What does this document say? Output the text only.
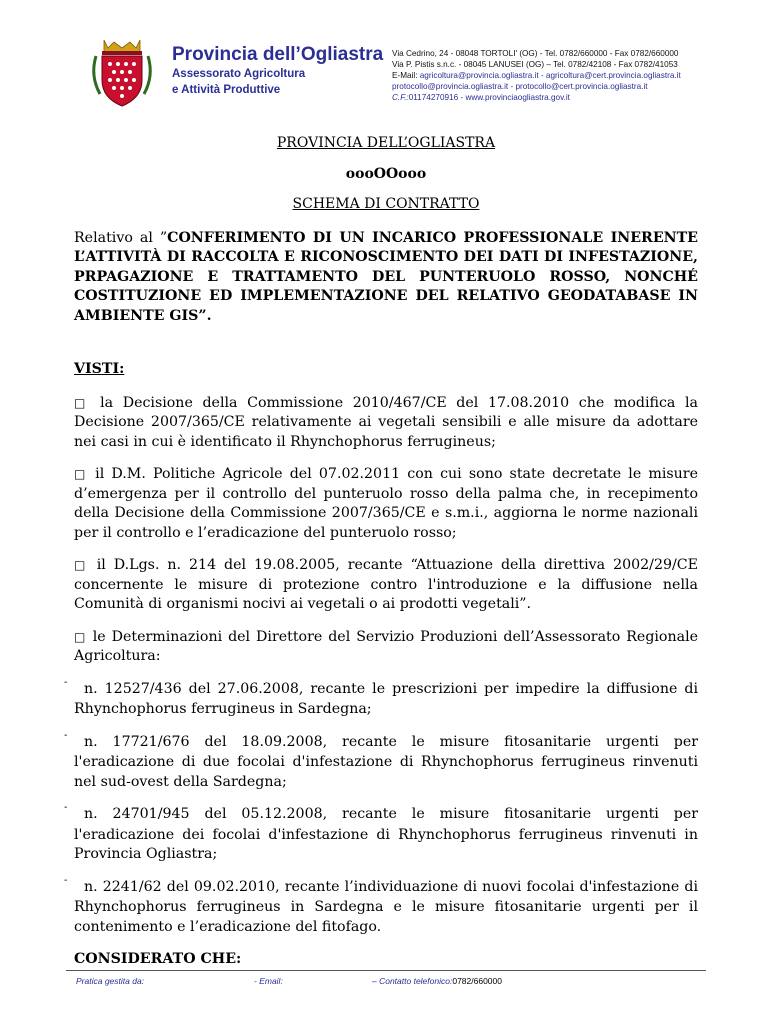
Provincia dell’Ogliastra
Assessorato Agricoltura
e Attività Produttive
Via Cedrino, 24 - 08048 TORTOLI' (OG) - Tel. 0782/660000 - Fax 0782/660000
Via P. Pistis s.n.c. - 08045 LANUSEI (OG) – Tel. 0782/42108 - Fax 0782/41053
E-Mail: agricoltura@provincia.ogliastra.it - agricoltura@cert.provincia.ogliastra.it
protocollo@provincia.ogliastra.it - protocollo@cert.provincia.ogliastra.it
C.F.:01174270916 - www.provinciaogliastra.gov.it
PROVINCIA DELL’OGLIASTRA
oooOOooo
SCHEMA DI CONTRATTO

Relativo al ”CONFERIMENTO DI UN INCARICO PROFESSIONALE INERENTE L’ATTIVITÀ DI RACCOLTA E RICONOSCIMENTO DEI DATI DI INFESTAZIONE, PRPAGAZIONE E TRATTAMENTO DEL PUNTERUOLO ROSSO, NONCHÉ COSTITUZIONE ED IMPLEMENTAZIONE DEL RELATIVO GEODATABASE IN AMBIENTE GIS”.

VISTI:

□ la Decisione della Commissione 2010/467/CE del 17.08.2010 che modifica la Decisione 2007/365/CE relativamente ai vegetali sensibili e alle misure da adottare nei casi in cui è identificato il Rhynchophorus ferrugineus;

□ il D.M. Politiche Agricole del 07.02.2011 con cui sono state decretate le misure d’emergenza per il controllo del punteruolo rosso della palma che, in recepimento della Decisione della Commissione 2007/365/CE e s.m.i., aggiorna le norme nazionali per il controllo e l’eradicazione del punteruolo rosso;

□ il D.Lgs. n. 214 del 19.08.2005, recante “Attuazione della direttiva 2002/29/CE concernente le misure di protezione contro l'introduzione e la diffusione nella Comunità di organismi nocivi ai vegetali o ai prodotti vegetali”.

□ le Determinazioni del Direttore del Servizio Produzioni dell’Assessorato Regionale Agricoltura:

- n. 12527/436 del 27.06.2008, recante le prescrizioni per impedire la diffusione di Rhynchophorus ferrugineus in Sardegna;

- n. 17721/676 del 18.09.2008, recante le misure fitosanitarie urgenti per l'eradicazione di due focolai d'infestazione di Rhynchophorus ferrugineus rinvenuti nel sud-ovest della Sardegna;

- n. 24701/945 del 05.12.2008, recante le misure fitosanitarie urgenti per l'eradicazione dei focolai d'infestazione di Rhynchophorus ferrugineus rinvenuti in Provincia Ogliastra;

- n. 2241/62 del 09.02.2010, recante l’individuazione di nuovi focolai d'infestazione di Rhynchophorus ferrugineus in Sardegna e le misure fitosanitarie urgenti per il contenimento e l’eradicazione del fitofago.

CONSIDERATO CHE:
Pratica gestita da:	- Email:	– Contatto telefonico:0782/660000
